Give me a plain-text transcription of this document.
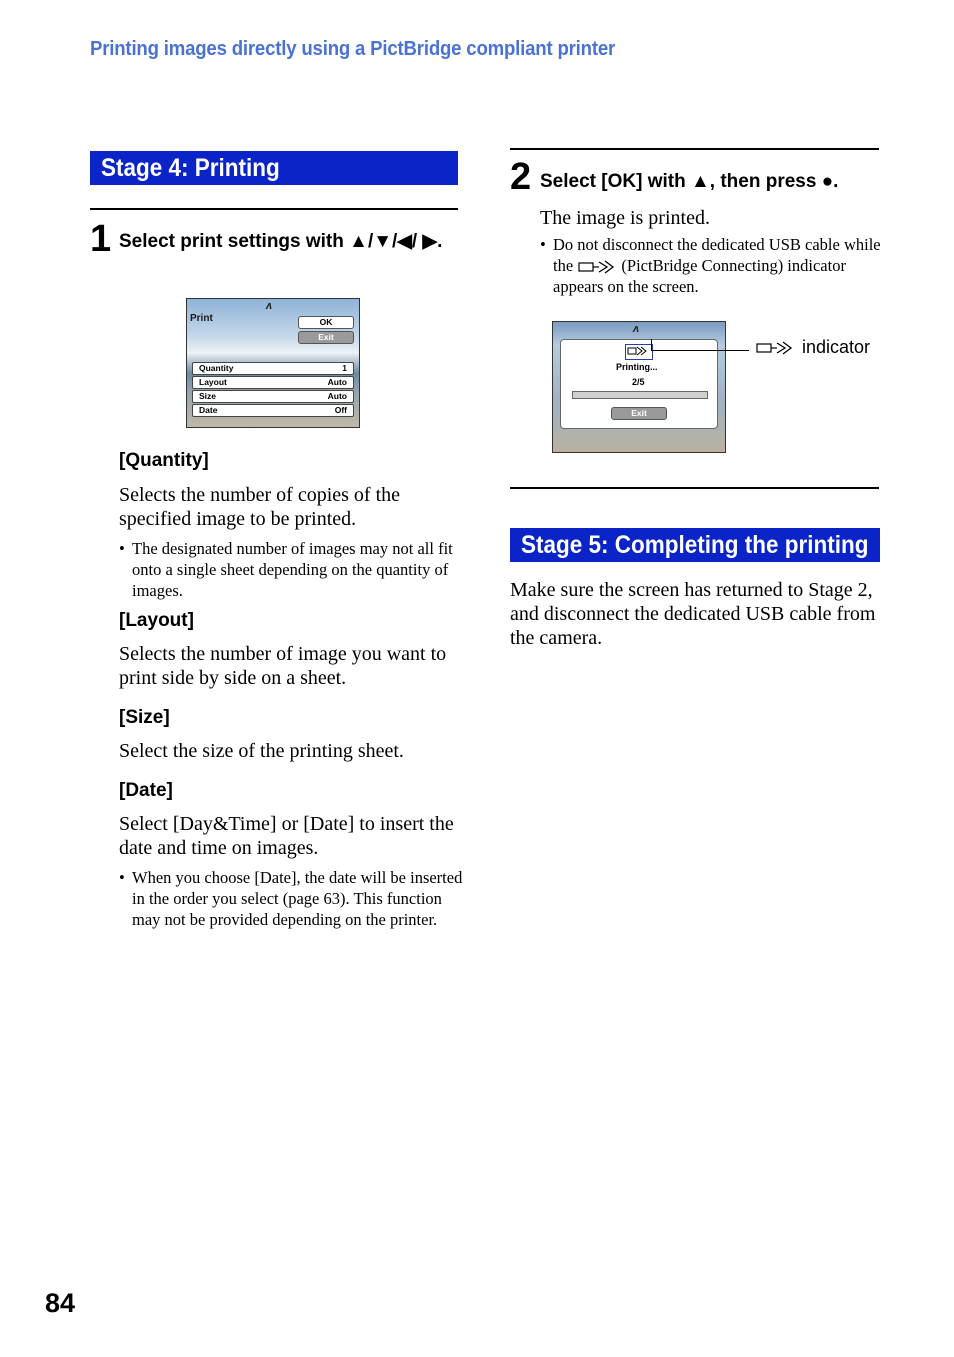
Printing images directly using a PictBridge compliant printer
Stage 4: Printing
1 Select print settings with ▲/▼/◀/ ▶.
ʌ
Print	OK
Exit
Quantity	1
Layout	Auto
Size	Auto
Date	Off
[Quantity]
Selects the number of copies of the specified image to be printed.
• The designated number of images may not all fit onto a single sheet depending on the quantity of images.
[Layout]
Selects the number of image you want to print side by side on a sheet.
[Size]
Select the size of the printing sheet.
[Date]
Select [Day&Time] or [Date] to insert the date and time on images.
• When you choose [Date], the date will be inserted in the order you select (page 63). This function may not be provided depending on the printer.
2 Select [OK] with ▲, then press ●.
The image is printed.
• Do not disconnect the dedicated USB cable while the	(PictBridge Connecting) indicator appears on the screen.
ʌ
Printing...
2/5
Exit
indicator
Stage 5: Completing the printing
Make sure the screen has returned to Stage 2, and disconnect the dedicated USB cable from the camera.
84
